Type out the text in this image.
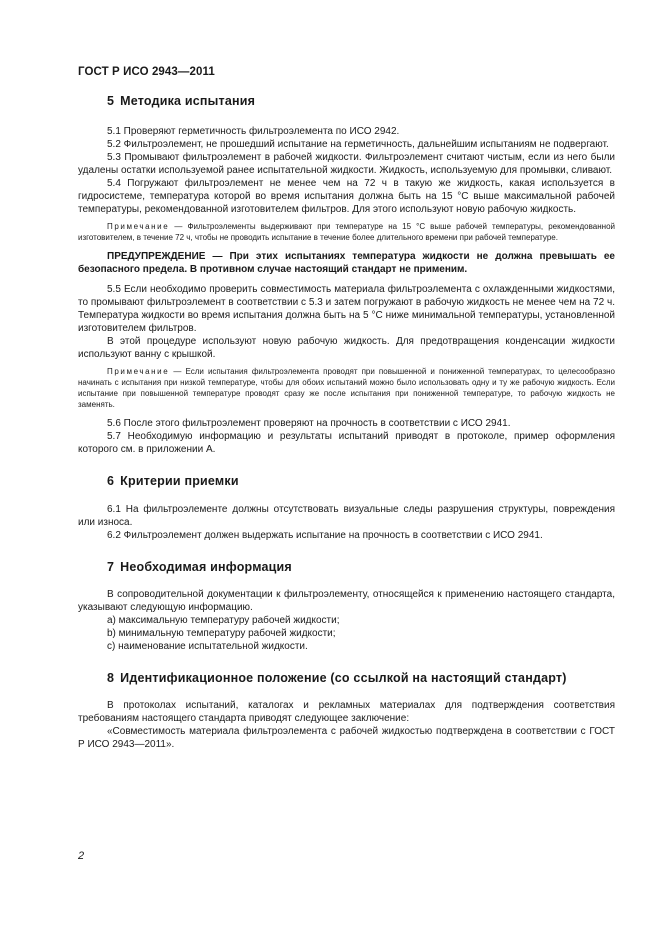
ГОСТ Р ИСО 2943—2011
5 Методика испытания

5.1 Проверяют герметичность фильтроэлемента по ИСО 2942.

5.2 Фильтроэлемент, не прошедший испытание на герметичность, дальнейшим испытаниям не подвергают.

5.3 Промывают фильтроэлемент в рабочей жидкости. Фильтроэлемент считают чистым, если из него были удалены остатки используемой ранее испытательной жидкости. Жидкость, используемую для промывки, сливают.

5.4 Погружают фильтроэлемент не менее чем на 72 ч в такую же жидкость, какая используется в гидросистеме, температура которой во время испытания должна быть на 15 °С выше максимальной рабочей температуры, рекомендованной изготовителем фильтров. Для этого используют новую рабочую жидкость.

Примечание — Фильтроэлементы выдерживают при температуре на 15 °С выше рабочей температуры, рекомендованной изготовителем, в течение 72 ч, чтобы не проводить испытание в течение более длительного времени при рабочей температуре.

ПРЕДУПРЕЖДЕНИЕ — При этих испытаниях температура жидкости не должна превышать ее безопасного предела. В противном случае настоящий стандарт не применим.

5.5 Если необходимо проверить совместимость материала фильтроэлемента с охлажденными жидкостями, то промывают фильтроэлемент в соответствии с 5.3 и затем погружают в рабочую жидкость не менее чем на 72 ч. Температура жидкости во время испытания должна быть на 5 °С ниже минимальной температуры, установленной изготовителем фильтров.

В этой процедуре используют новую рабочую жидкость. Для предотвращения конденсации жидкости используют ванну с крышкой.

Примечание — Если испытания фильтроэлемента проводят при повышенной и пониженной температурах, то целесообразно начинать с испытания при низкой температуре, чтобы для обоих испытаний можно было использовать одну и ту же рабочую жидкость. Если испытание при повышенной температуре проводят сразу же после испытания при пониженной температуре, то рабочую жидкость не заменять.

5.6 После этого фильтроэлемент проверяют на прочность в соответствии с ИСО 2941.

5.7 Необходимую информацию и результаты испытаний приводят в протоколе, пример оформления которого см. в приложении А.

6 Критерии приемки

6.1 На фильтроэлементе должны отсутствовать визуальные следы разрушения структуры, повреждения или износа.

6.2 Фильтроэлемент должен выдержать испытание на прочность в соответствии с ИСО 2941.

7 Необходимая информация

В сопроводительной документации к фильтроэлементу, относящейся к применению настоящего стандарта, указывают следующую информацию.

a) максимальную температуру рабочей жидкости;

b) минимальную температуру рабочей жидкости;

c) наименование испытательной жидкости.

8 Идентификационное положение (со ссылкой на настоящий стандарт)

В протоколах испытаний, каталогах и рекламных материалах для подтверждения соответствия требованиям настоящего стандарта приводят следующее заключение:

«Совместимость материала фильтроэлемента с рабочей жидкостью подтверждена в соответствии с ГОСТ Р ИСО 2943—2011».

2
